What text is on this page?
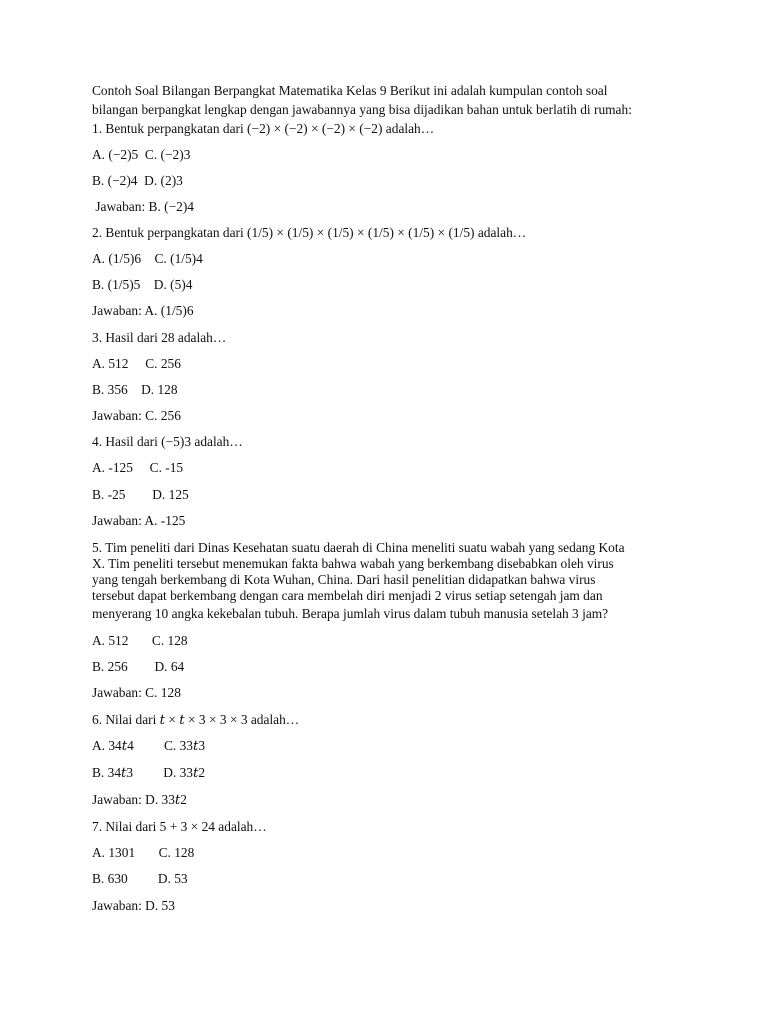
Contoh Soal Bilangan Berpangkat Matematika Kelas 9 Berikut ini adalah kumpulan contoh soal

bilangan berpangkat lengkap dengan jawabannya yang bisa dijadikan bahan untuk berlatih di rumah:

1. Bentuk perpangkatan dari (−2) × (−2) × (−2) × (−2) adalah…

A. (−2)5  C. (−2)3

B. (−2)4  D. (2)3

Jawaban: B. (−2)4

2. Bentuk perpangkatan dari (1/5) × (1/5) × (1/5) × (1/5) × (1/5) × (1/5) adalah…

A. (1/5)6    C. (1/5)4

B. (1/5)5    D. (5)4

Jawaban: A. (1/5)6

3. Hasil dari 28 adalah…

A. 512     C. 256

B. 356    D. 128

Jawaban: C. 256

4. Hasil dari (−5)3 adalah…

A. -125     C. -15

B. -25        D. 125

Jawaban: A. -125

5. Tim peneliti dari Dinas Kesehatan suatu daerah di China meneliti suatu wabah yang sedang Kota

X. Tim peneliti tersebut menemukan fakta bahwa wabah yang berkembang disebabkan oleh virus

yang tengah berkembang di Kota Wuhan, China. Dari hasil penelitian didapatkan bahwa virus

tersebut dapat berkembang dengan cara membelah diri menjadi 2 virus setiap setengah jam dan

menyerang 10 angka kekebalan tubuh. Berapa jumlah virus dalam tubuh manusia setelah 3 jam?

A. 512       C. 128

B. 256        D. 64

Jawaban: C. 128

6. Nilai dari 𝑡 × 𝑡 × 3 × 3 × 3 adalah…

A. 34𝑡4         C. 33𝑡3

B. 34𝑡3         D. 33𝑡2

Jawaban: D. 33𝑡2

7. Nilai dari 5 + 3 × 24 adalah…

A. 1301       C. 128

B. 630         D. 53

Jawaban: D. 53
